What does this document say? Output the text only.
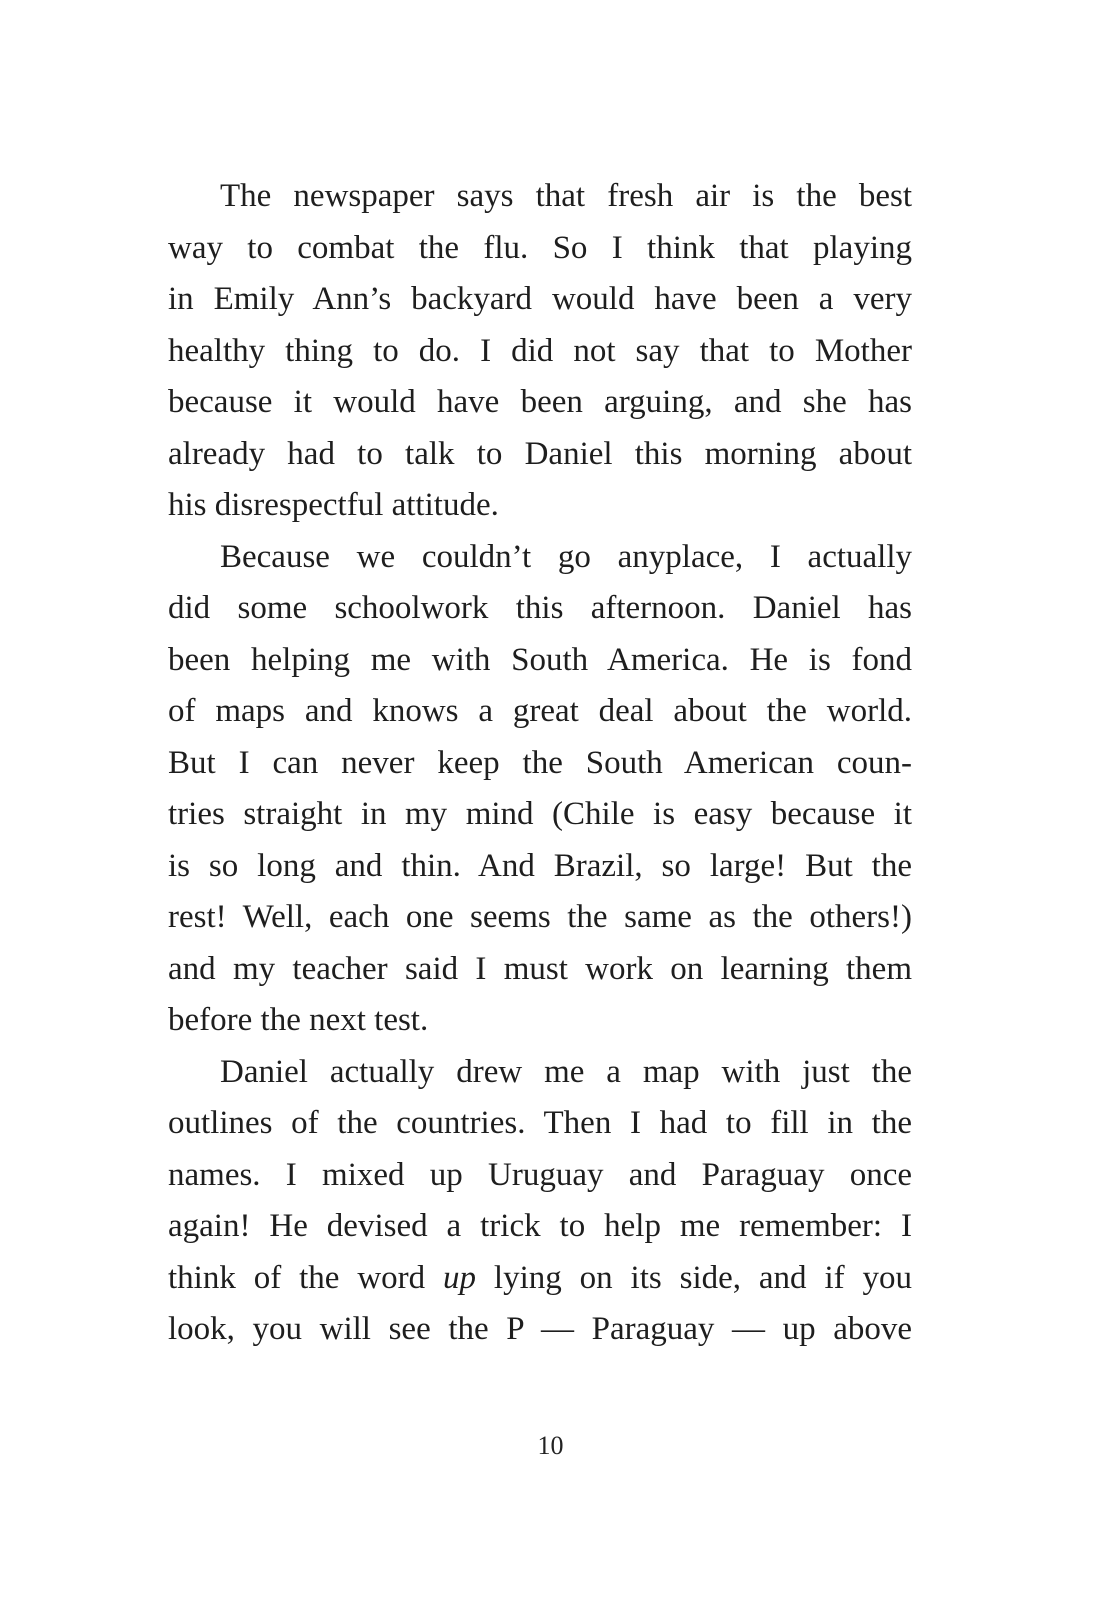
The newspaper says that fresh air is the best
way to combat the flu. So I think that playing
in Emily Ann’s backyard would have been a very
healthy thing to do. I did not say that to Mother
because it would have been arguing, and she has
already had to talk to Daniel this morning about
his disrespectful attitude.
Because we couldn’t go anyplace, I actually
did some schoolwork this afternoon. Daniel has
been helping me with South America. He is fond
of maps and knows a great deal about the world.
But I can never keep the South American coun-
tries straight in my mind (Chile is easy because it
is so long and thin. And Brazil, so large! But the
rest! Well, each one seems the same as the others!)
and my teacher said I must work on learning them
before the next test.
Daniel actually drew me a map with just the
outlines of the countries. Then I had to fill in the
names. I mixed up Uruguay and Paraguay once
again! He devised a trick to help me remember: I
think of the word up lying on its side, and if you
look, you will see the P — Paraguay — up above
10
